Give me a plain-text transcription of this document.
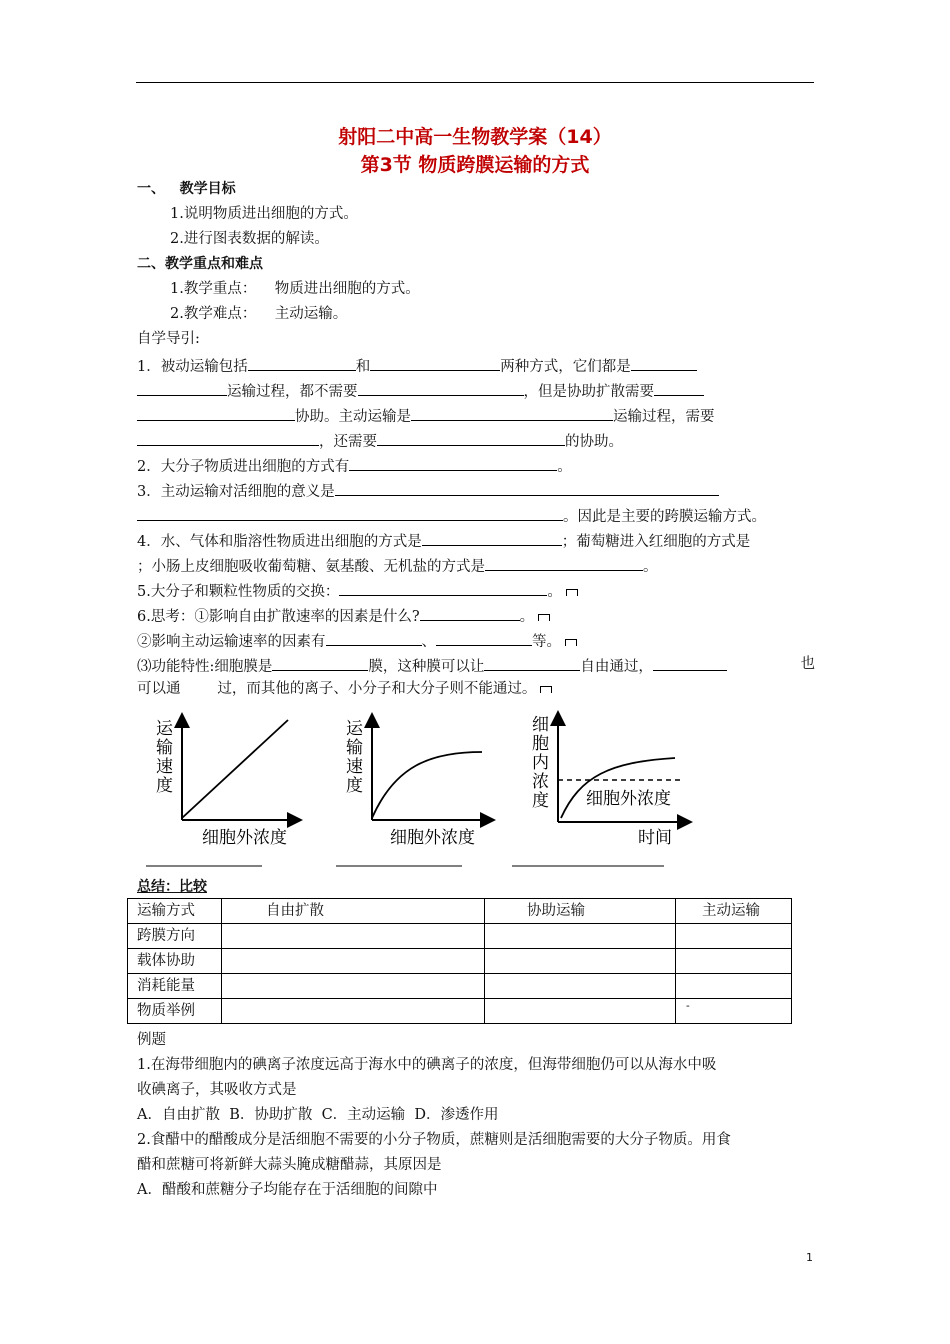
射阳二中高一生物教学案（14）
第3节 物质跨膜运输的方式
一、 教学目标
1.说明物质进出细胞的方式。
2.进行图表数据的解读。
二、教学重点和难点
1.教学重点：    物质进出细胞的方式。
2.教学难点：    主动运输。
自学导引:
1．被动运输包括	和	两种方式，它们都是
运输过程，都不需要	，但是协助扩散需要
协助。主动运输是	运输过程，需要
，还需要	的协助。
2．大分子物质进出细胞的方式有	。
3．主动运输对活细胞的意义是
。因此是主要的跨膜运输方式。
4．水、气体和脂溶性物质进出细胞的方式是	；葡萄糖进入红细胞的方式是
；小肠上皮细胞吸收葡萄糖、氨基酸、无机盐的方式是	。
5.大分子和颗粒性物质的交换：	。
6.思考：①影响自由扩散速率的因素是什么?	。
②影响主动运输速率的因素有	、	等。
⑶功能特性:细胞膜是	膜，这种膜可以让	自由通过，	也
可以通        过，而其他的离子、小分子和大分子则不能通过。
运
输
速
度
细胞外浓度
运
输
速
度
细胞外浓度
细
胞
内
浓
度 细胞外浓度
时间
总结：比较
运输方式	自由扩散	协助运输	主动运输
跨膜方向			
载体协助			
消耗能量			
物质举例			-
例题
1.在海带细胞内的碘离子浓度远高于海水中的碘离子的浓度，但海带细胞仍可以从海水中吸
收碘离子，其吸收方式是
A．自由扩散  B．协助扩散  C．主动运输  D．渗透作用
2.食醋中的醋酸成分是活细胞不需要的小分子物质，蔗糖则是活细胞需要的大分子物质。用食
醋和蔗糖可将新鲜大蒜头腌成糖醋蒜，其原因是
A．醋酸和蔗糖分子均能存在于活细胞的间隙中
1
